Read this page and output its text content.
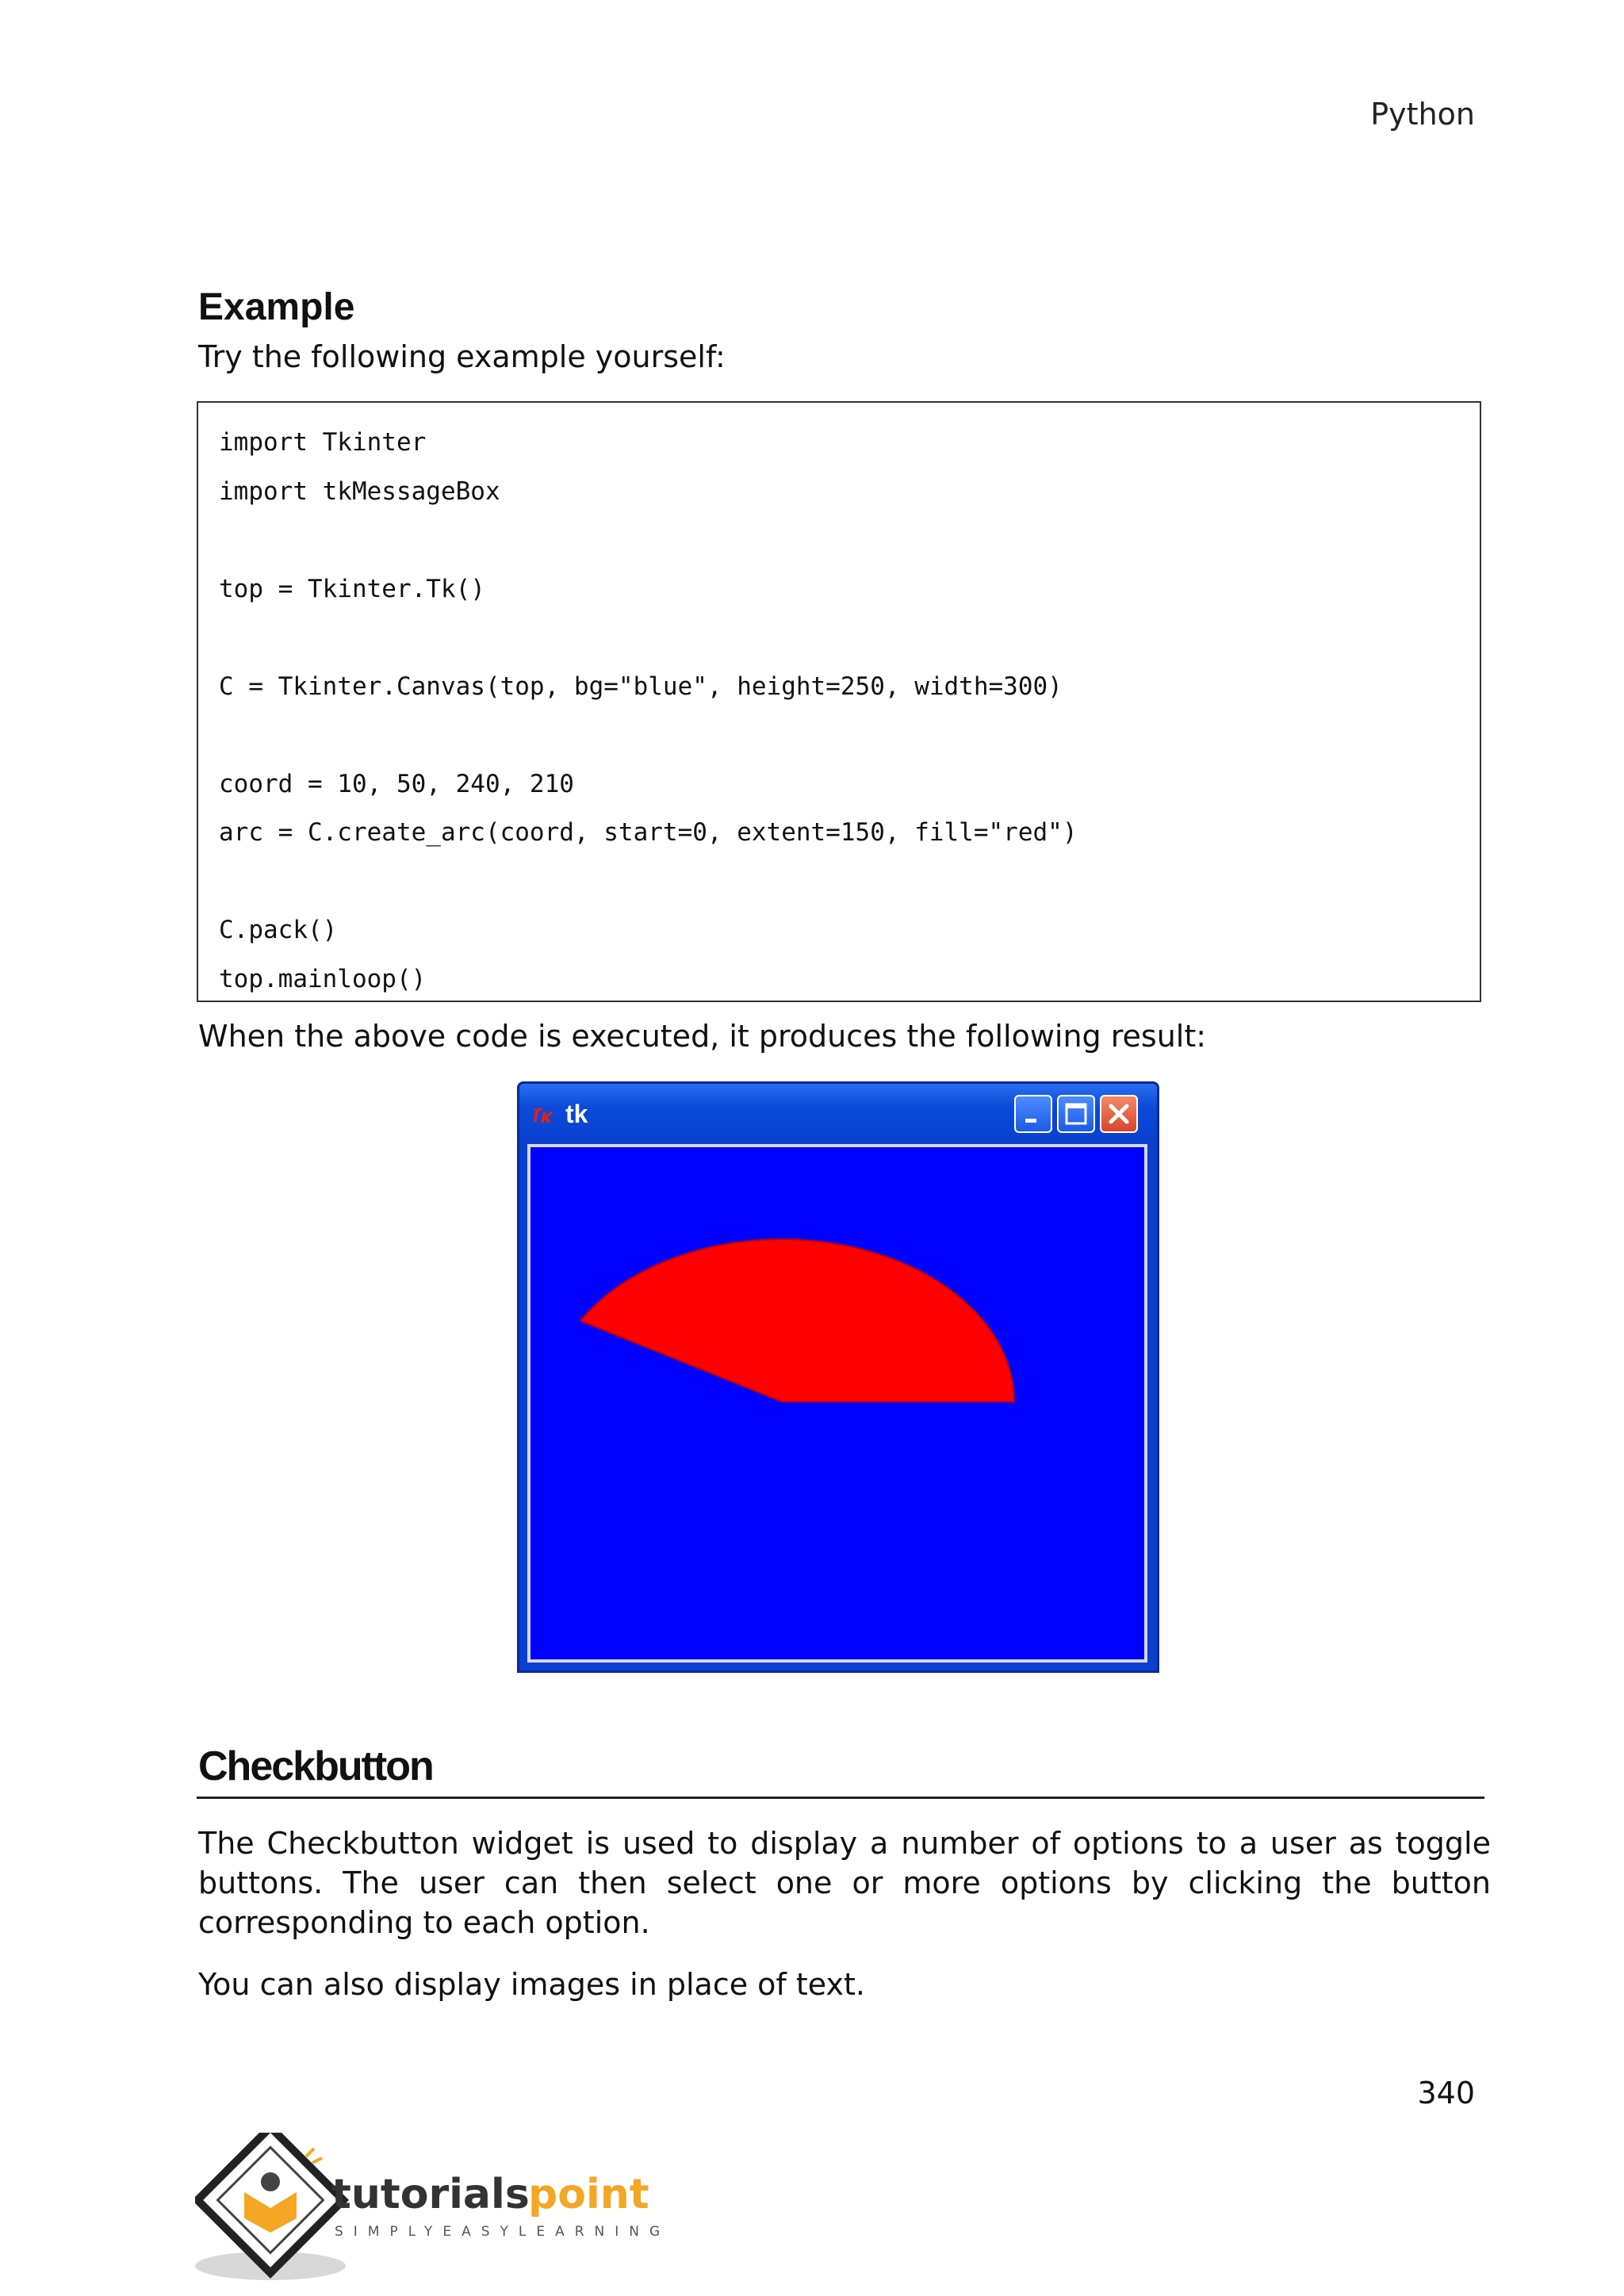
Python
Example
Try the following example yourself:
import Tkinter
import tkMessageBox
top = Tkinter.Tk()
C = Tkinter.Canvas(top, bg="blue", height=250, width=300)
coord = 10, 50, 240, 210
arc = C.create_arc(coord, start=0, extent=150, fill="red")
C.pack()
top.mainloop()
When the above code is executed, it produces the following result:
tk
Checkbutton
The Checkbutton widget is used to display a number of options to a user as toggle buttons. The user can then select one or more options by clicking the button corresponding to each option.
You can also display images in place of text.
340
tutorials
point
SIMPLYEASYLEARNING
